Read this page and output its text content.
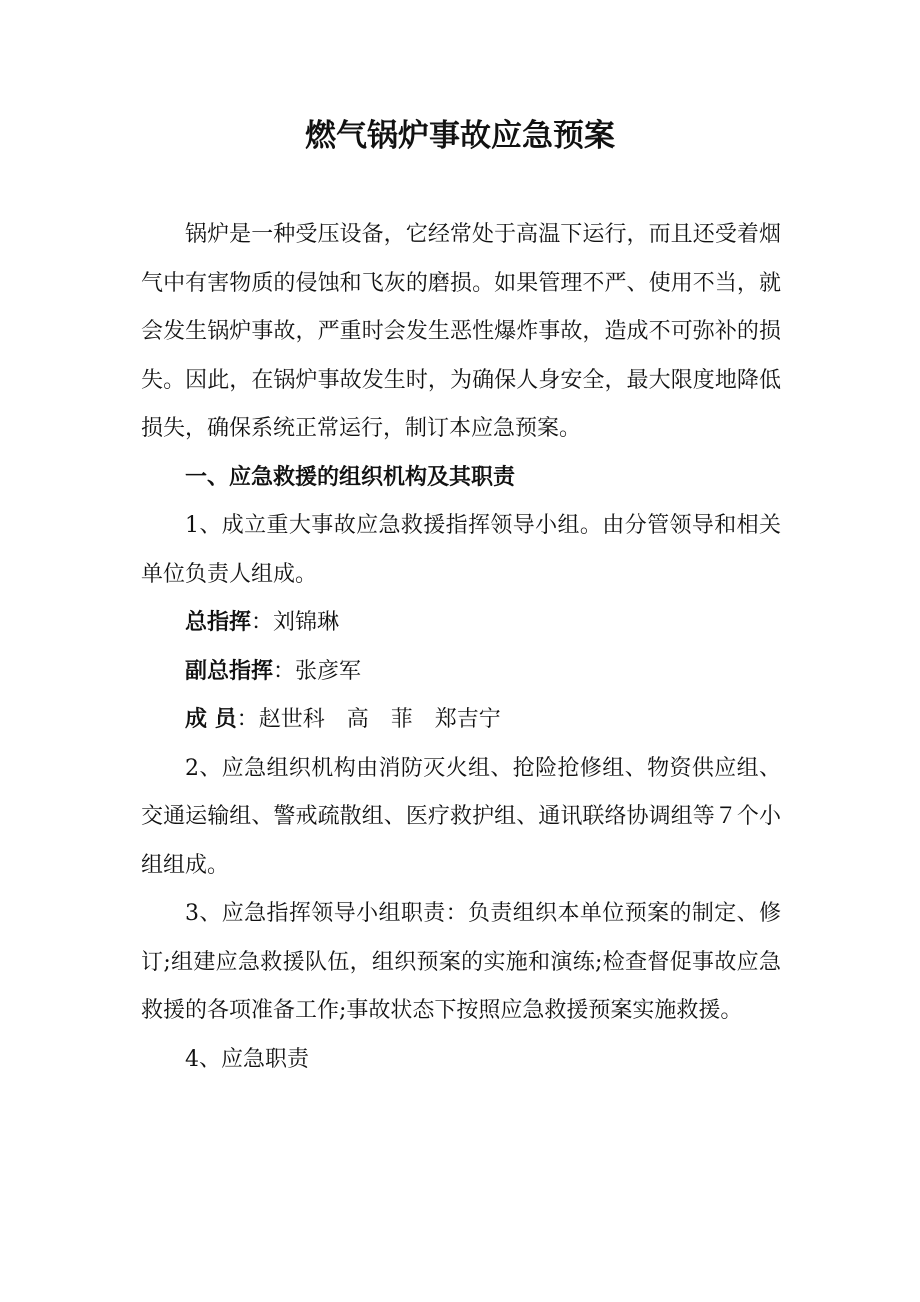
燃气锅炉事故应急预案

锅炉是一种受压设备，它经常处于高温下运行，而且还受着烟气中有害物质的侵蚀和飞灰的磨损。如果管理不严、使用不当，就会发生锅炉事故，严重时会发生恶性爆炸事故，造成不可弥补的损失。因此，在锅炉事故发生时，为确保人身安全，最大限度地降低损失，确保系统正常运行，制订本应急预案。

一、应急救援的组织机构及其职责

1、成立重大事故应急救援指挥领导小组。由分管领导和相关单位负责人组成。

总指挥：刘锦琳

副总指挥：张彦军

成 员：赵世科　高　菲　郑吉宁

2、应急组织机构由消防灭火组、抢险抢修组、物资供应组、交通运输组、警戒疏散组、医疗救护组、通讯联络协调组等７个小组组成。

3、应急指挥领导小组职责：负责组织本单位预案的制定、修订;组建应急救援队伍，组织预案的实施和演练;检查督促事故应急救援的各项准备工作;事故状态下按照应急救援预案实施救援。

4、应急职责
